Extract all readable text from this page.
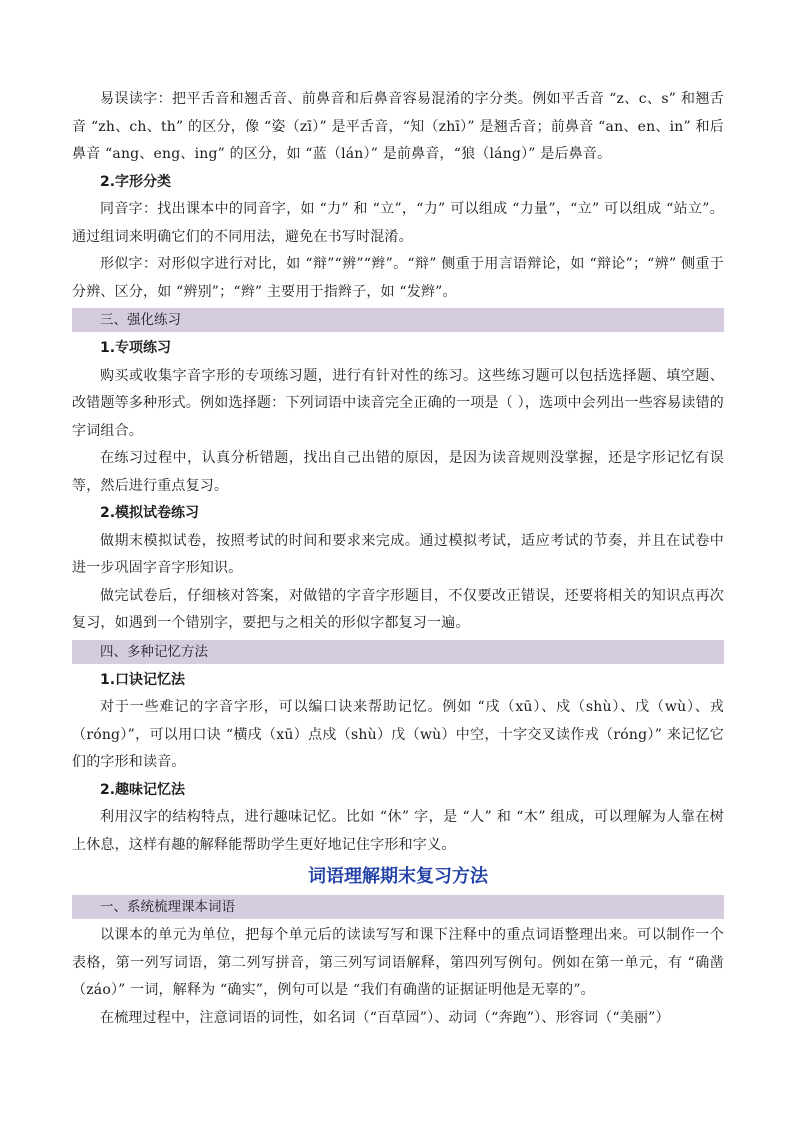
易误读字：把平舌音和翘舌音、前鼻音和后鼻音容易混淆的字分类。例如平舌音 “z、c、s” 和翘舌音 “zh、ch、th” 的区分，像 “姿（zī）” 是平舌音，“知（zhī）” 是翘舌音；前鼻音 “an、en、in” 和后鼻音 “ang、eng、ing” 的区分，如 “蓝（lán）” 是前鼻音，“狼（láng）” 是后鼻音。

2.字形分类

同音字：找出课本中的同音字，如 “力” 和 “立”，“力” 可以组成 “力量”，“立” 可以组成 “站立”。通过组词来明确它们的不同用法，避免在书写时混淆。

形似字：对形似字进行对比，如 “辩”“辨”“辫”。“辩” 侧重于用言语辩论，如 “辩论”；“辨” 侧重于分辨、区分，如 “辨别”；“辫” 主要用于指辫子，如 “发辫”。

三、强化练习

1.专项练习

购买或收集字音字形的专项练习题，进行有针对性的练习。这些练习题可以包括选择题、填空题、改错题等多种形式。例如选择题：下列词语中读音完全正确的一项是（ ），选项中会列出一些容易读错的字词组合。

在练习过程中，认真分析错题，找出自己出错的原因，是因为读音规则没掌握，还是字形记忆有误等，然后进行重点复习。

2.模拟试卷练习

做期末模拟试卷，按照考试的时间和要求来完成。通过模拟考试，适应考试的节奏，并且在试卷中进一步巩固字音字形知识。

做完试卷后，仔细核对答案，对做错的字音字形题目，不仅要改正错误，还要将相关的知识点再次复习，如遇到一个错别字，要把与之相关的形似字都复习一遍。

四、多种记忆方法

1.口诀记忆法

对于一些难记的字音字形，可以编口诀来帮助记忆。例如 “戌（xū）、戍（shù）、戊（wù）、戎（róng）”，可以用口诀 “横戌（xū）点戍（shù）戊（wù）中空，十字交叉读作戎（róng）” 来记忆它们的字形和读音。

2.趣味记忆法

利用汉字的结构特点，进行趣味记忆。比如 “休” 字，是 “人” 和 “木” 组成，可以理解为人靠在树上休息，这样有趣的解释能帮助学生更好地记住字形和字义。

词语理解期末复习方法
一、系统梳理课本词语

以课本的单元为单位，把每个单元后的读读写写和课下注释中的重点词语整理出来。可以制作一个表格，第一列写词语，第二列写拼音，第三列写词语解释，第四列写例句。例如在第一单元，有 “确凿（záo）” 一词，解释为 “确实”，例句可以是 “我们有确凿的证据证明他是无辜的”。

在梳理过程中，注意词语的词性，如名词（“百草园”）、动词（“奔跑”）、形容词（“美丽”）
